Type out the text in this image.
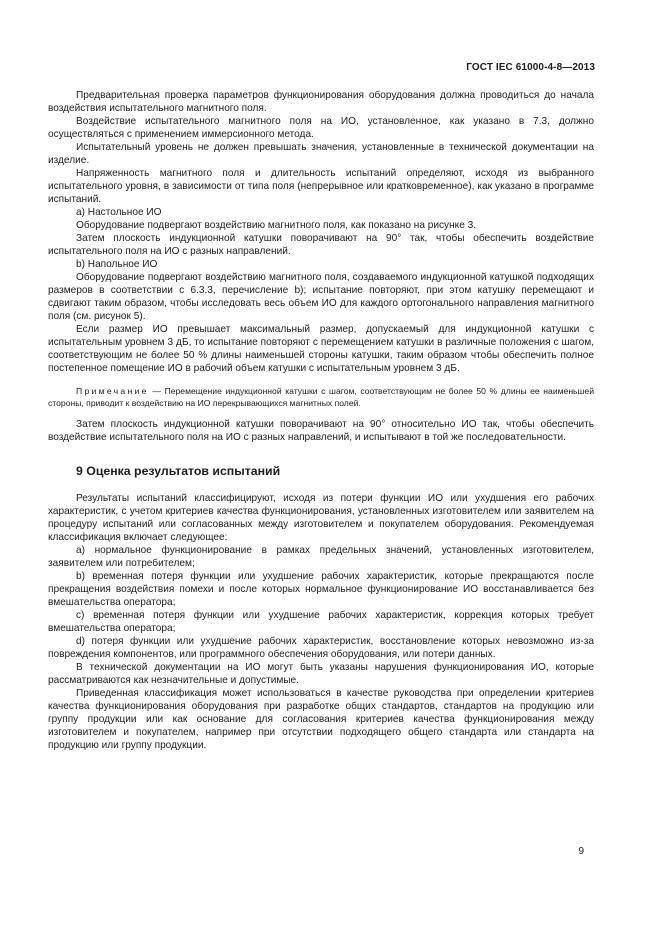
ГОСТ IEC 61000-4-8—2013

Предварительная проверка параметров функционирования оборудования должна проводиться до начала воздействия испытательного магнитного поля.

Воздействие испытательного магнитного поля на ИО, установленное, как указано в 7.3, должно осуществляться с применением иммерсионного метода.

Испытательный уровень не должен превышать значения, установленные в технической документации на изделие.

Напряженность магнитного поля и длительность испытаний определяют, исходя из выбранного испытательного уровня, в зависимости от типа поля (непрерывное или кратковременное), как указано в программе испытаний.

а) Настольное ИО

Оборудование подвергают воздействию магнитного поля, как показано на рисунке 3.

Затем плоскость индукционной катушки поворачивают на 90° так, чтобы обеспечить воздействие испытательного поля на ИО с разных направлений.

b) Напольное ИО

Оборудование подвергают воздействию магнитного поля, создаваемого индукционной катушкой подходящих размеров в соответствии с 6.3.3, перечисление b); испытание повторяют, при этом катушку перемещают и сдвигают таким образом, чтобы исследовать весь объем ИО для каждого ортогонального направления магнитного поля (см. рисунок 5).

Если размер ИО превышает максимальный размер, допускаемый для индукционной катушки с испытательным уровнем 3 дБ, то испытание повторяют с перемещением катушки в различные положения с шагом, соответствующим не более 50 % длины наименьшей стороны катушки, таким образом чтобы обеспечить полное постепенное помещение ИО в рабочий объем катушки с испытательным уровнем 3 дБ.

Примечание — Перемещение индукционной катушки с шагом, соответствующим не более 50 % длины ее наименьшей стороны, приводит к воздействию на ИО перекрывающихся магнитных полей.

Затем плоскость индукционной катушки поворачивают на 90° относительно ИО так, чтобы обеспечить воздействие испытательного поля на ИО с разных направлений, и испытывают в той же последовательности.

9 Оценка результатов испытаний

Результаты испытаний классифицируют, исходя из потери функции ИО или ухудшения его рабочих характеристик, с учетом критериев качества функционирования, установленных изготовителем или заявителем на процедуру испытаний или согласованных между изготовителем и покупателем оборудования. Рекомендуемая классификация включает следующее:

а) нормальное функционирование в рамках предельных значений, установленных изготовителем, заявителем или потребителем;

b) временная потеря функции или ухудшение рабочих характеристик, которые прекращаются после прекращения воздействия помехи и после которых нормальное функционирование ИО восстанавливается без вмешательства оператора;

c) временная потеря функции или ухудшение рабочих характеристик, коррекция которых требует вмешательства оператора;

d) потеря функции или ухудшение рабочих характеристик, восстановление которых невозможно из-за повреждения компонентов, или программного обеспечения оборудования, или потери данных.

В технической документации на ИО могут быть указаны нарушения функционирования ИО, которые рассматриваются как незначительные и допустимые.

Приведенная классификация может использоваться в качестве руководства при определении критериев качества функционирования оборудования при разработке общих стандартов, стандартов на продукцию или группу продукции или как основание для согласования критериев качества функционирования между изготовителем и покупателем, например при отсутствии подходящего общего стандарта или стандарта на продукцию или группу продукции.

9
